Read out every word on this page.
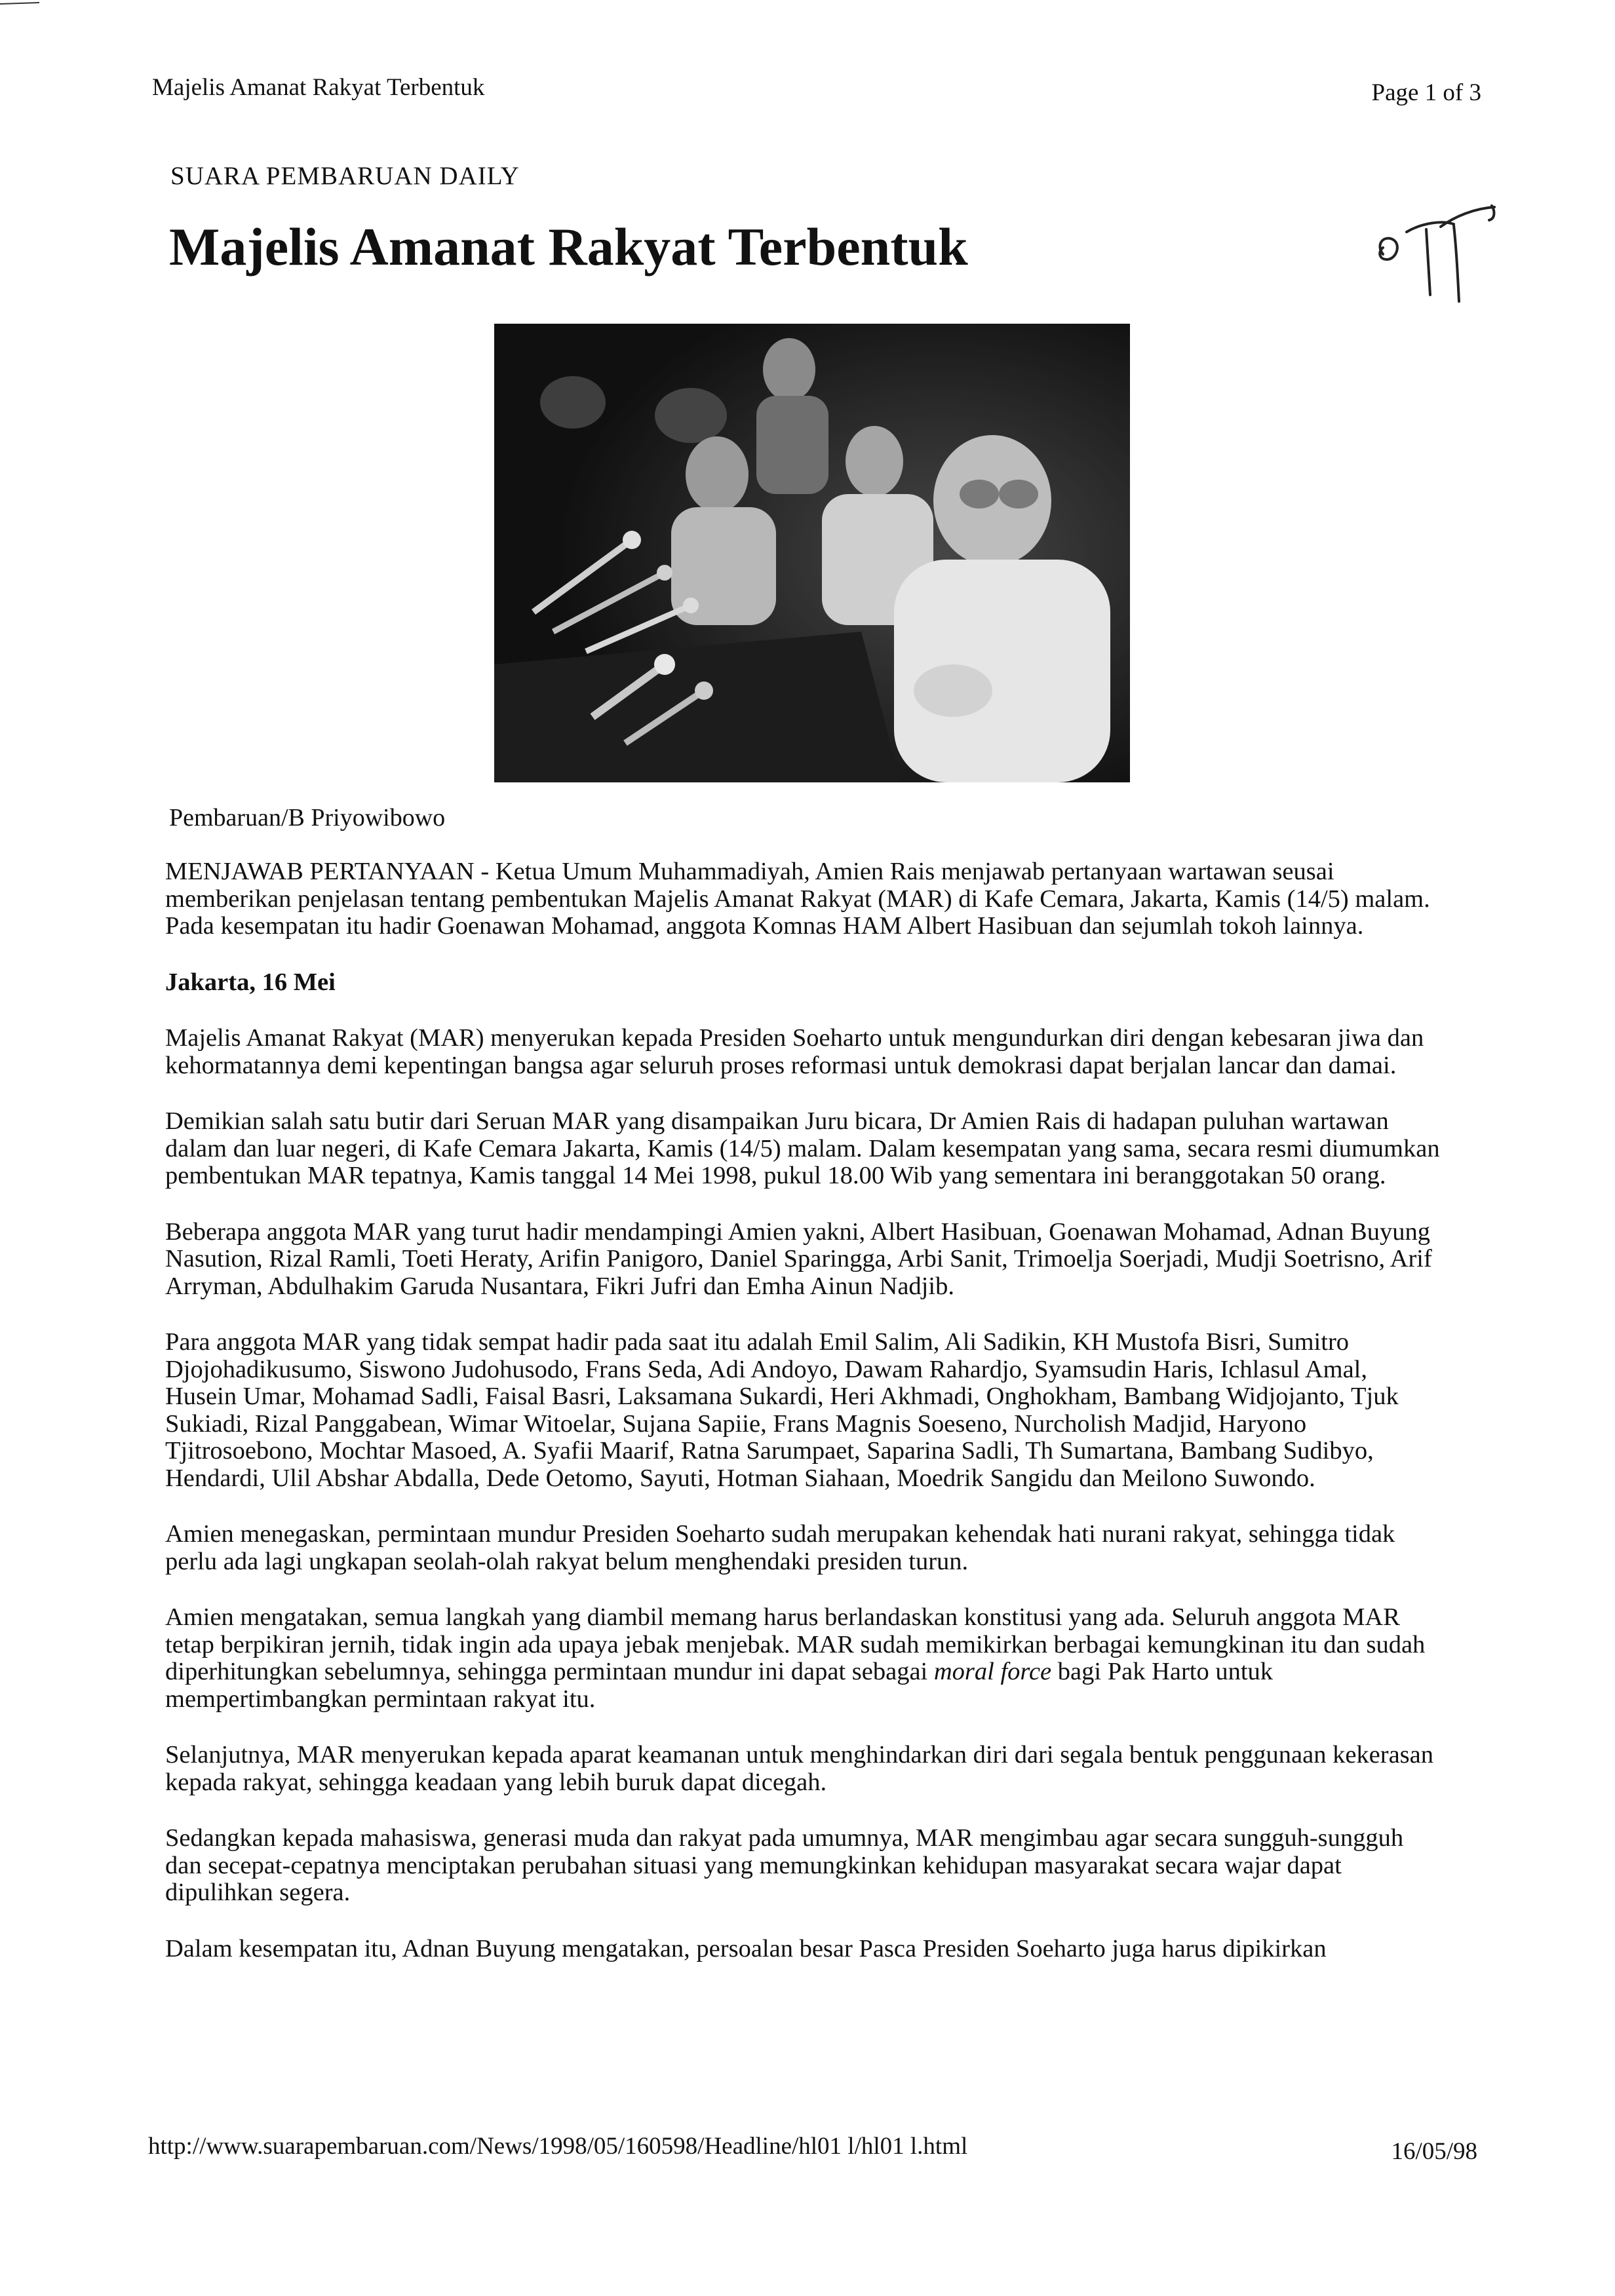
Majelis Amanat Rakyat Terbentuk	Page 1 of 3
SUARA PEMBARUAN DAILY
Majelis Amanat Rakyat Terbentuk
Pembaruan/B Priyowibowo

MENJAWAB PERTANYAAN - Ketua Umum Muhammadiyah, Amien Rais menjawab pertanyaan wartawan seusai memberikan penjelasan tentang pembentukan Majelis Amanat Rakyat (MAR) di Kafe Cemara, Jakarta, Kamis (14/5) malam. Pada kesempatan itu hadir Goenawan Mohamad, anggota Komnas HAM Albert Hasibuan dan sejumlah tokoh lainnya.

Jakarta, 16 Mei

Majelis Amanat Rakyat (MAR) menyerukan kepada Presiden Soeharto untuk mengundurkan diri dengan kebesaran jiwa dan kehormatannya demi kepentingan bangsa agar seluruh proses reformasi untuk demokrasi dapat berjalan lancar dan damai.

Demikian salah satu butir dari Seruan MAR yang disampaikan Juru bicara, Dr Amien Rais di hadapan puluhan wartawan dalam dan luar negeri, di Kafe Cemara Jakarta, Kamis (14/5) malam. Dalam kesempatan yang sama, secara resmi diumumkan pembentukan MAR tepatnya, Kamis tanggal 14 Mei 1998, pukul 18.00 Wib yang sementara ini beranggotakan 50 orang.

Beberapa anggota MAR yang turut hadir mendampingi Amien yakni, Albert Hasibuan, Goenawan Mohamad, Adnan Buyung Nasution, Rizal Ramli, Toeti Heraty, Arifin Panigoro, Daniel Sparingga, Arbi Sanit, Trimoelja Soerjadi, Mudji Soetrisno, Arif Arryman, Abdulhakim Garuda Nusantara, Fikri Jufri dan Emha Ainun Nadjib.

Para anggota MAR yang tidak sempat hadir pada saat itu adalah Emil Salim, Ali Sadikin, KH Mustofa Bisri, Sumitro Djojohadikusumo, Siswono Judohusodo, Frans Seda, Adi Andoyo, Dawam Rahardjo, Syamsudin Haris, Ichlasul Amal, Husein Umar, Mohamad Sadli, Faisal Basri, Laksamana Sukardi, Heri Akhmadi, Onghokham, Bambang Widjojanto, Tjuk Sukiadi, Rizal Panggabean, Wimar Witoelar, Sujana Sapiie, Frans Magnis Soeseno, Nurcholish Madjid, Haryono Tjitrosoebono, Mochtar Masoed, A. Syafii Maarif, Ratna Sarumpaet, Saparina Sadli, Th Sumartana, Bambang Sudibyo, Hendardi, Ulil Abshar Abdalla, Dede Oetomo, Sayuti, Hotman Siahaan, Moedrik Sangidu dan Meilono Suwondo.

Amien menegaskan, permintaan mundur Presiden Soeharto sudah merupakan kehendak hati nurani rakyat, sehingga tidak perlu ada lagi ungkapan seolah-olah rakyat belum menghendaki presiden turun.

Amien mengatakan, semua langkah yang diambil memang harus berlandaskan konstitusi yang ada. Seluruh anggota MAR tetap berpikiran jernih, tidak ingin ada upaya jebak menjebak. MAR sudah memikirkan berbagai kemungkinan itu dan sudah diperhitungkan sebelumnya, sehingga permintaan mundur ini dapat sebagai moral force bagi Pak Harto untuk mempertimbangkan permintaan rakyat itu.

Selanjutnya, MAR menyerukan kepada aparat keamanan untuk menghindarkan diri dari segala bentuk penggunaan kekerasan kepada rakyat, sehingga keadaan yang lebih buruk dapat dicegah.

Sedangkan kepada mahasiswa, generasi muda dan rakyat pada umumnya, MAR mengimbau agar secara sungguh-sungguh dan secepat-cepatnya menciptakan perubahan situasi yang memungkinkan kehidupan masyarakat secara wajar dapat dipulihkan segera.

Dalam kesempatan itu, Adnan Buyung mengatakan, persoalan besar Pasca Presiden Soeharto juga harus dipikirkan

http://www.suarapembaruan.com/News/1998/05/160598/Headline/hl01 l/hl01 l.html	16/05/98
